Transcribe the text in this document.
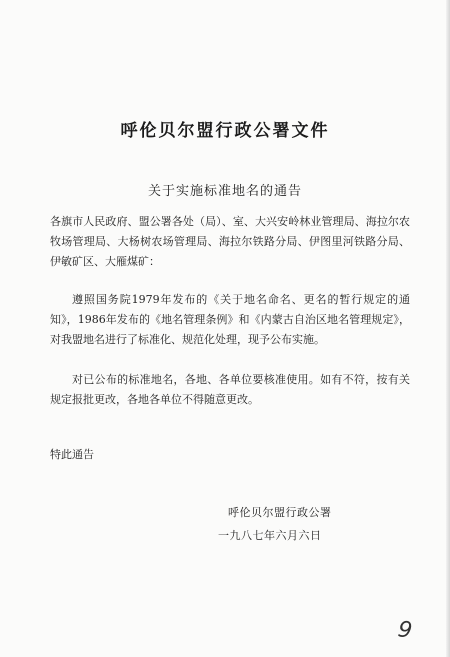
呼伦贝尔盟行政公署文件
关于实施标准地名的通告
各旗市人民政府、盟公署各处（局）、室、大兴安岭林业管理局、海拉尔农牧场管理局、大杨树农场管理局、海拉尔铁路分局、伊图里河铁路分局、伊敏矿区、大雁煤矿：
遵照国务院1979年发布的《关于地名命名、更名的暂行规定的通知》，1986年发布的《地名管理条例》和《内蒙古自治区地名管理规定》，对我盟地名进行了标准化、规范化处理，现予公布实施。
对已公布的标准地名，各地、各单位要核准使用。如有不符，按有关规定报批更改，各地各单位不得随意更改。
特此通告
呼伦贝尔盟行政公署
一九八七年六月六日
9
